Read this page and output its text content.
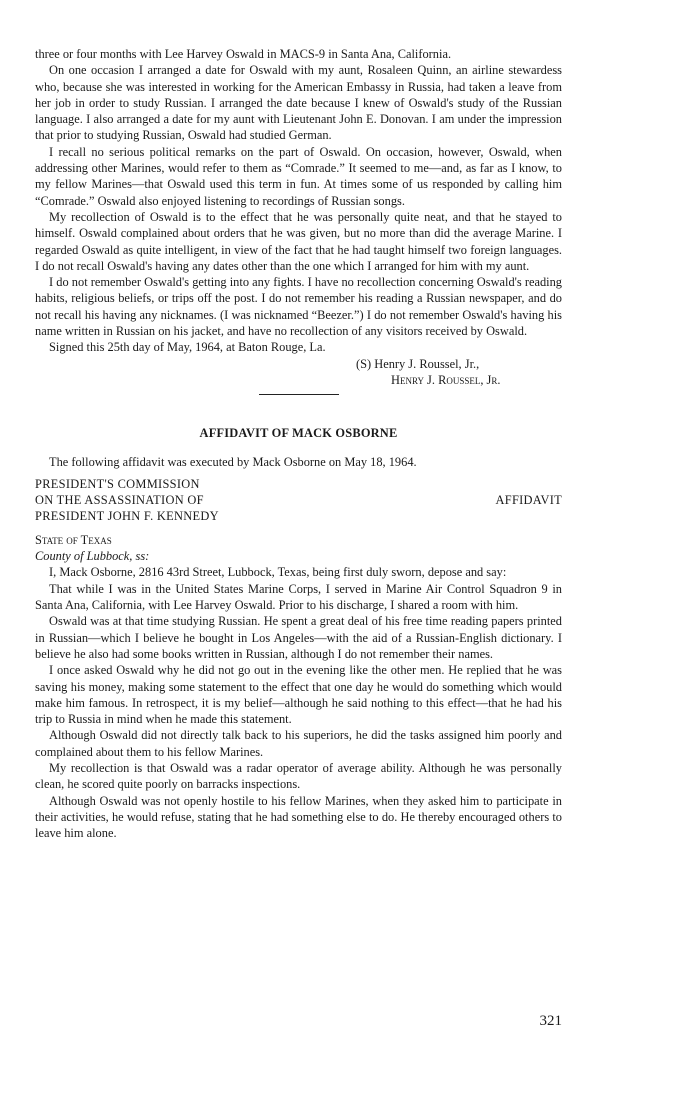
three or four months with Lee Harvey Oswald in MACS-9 in Santa Ana, California.

On one occasion I arranged a date for Oswald with my aunt, Rosaleen Quinn, an airline stewardess who, because she was interested in working for the American Embassy in Russia, had taken a leave from her job in order to study Russian. I arranged the date because I knew of Oswald's study of the Russian language. I also arranged a date for my aunt with Lieutenant John E. Donovan. I am under the impression that prior to studying Russian, Oswald had studied German.

I recall no serious political remarks on the part of Oswald. On occasion, however, Oswald, when addressing other Marines, would refer to them as “Comrade.” It seemed to me—and, as far as I know, to my fellow Marines—that Oswald used this term in fun. At times some of us responded by calling him “Comrade.” Oswald also enjoyed listening to recordings of Russian songs.

My recollection of Oswald is to the effect that he was personally quite neat, and that he stayed to himself. Oswald complained about orders that he was given, but no more than did the average Marine. I regarded Oswald as quite intelligent, in view of the fact that he had taught himself two foreign languages. I do not recall Oswald's having any dates other than the one which I arranged for him with my aunt.

I do not remember Oswald's getting into any fights. I have no recollection concerning Oswald's reading habits, religious beliefs, or trips off the post. I do not remember his reading a Russian newspaper, and do not recall his having any nicknames. (I was nicknamed “Beezer.”) I do not remember Oswald's having his name written in Russian on his jacket, and have no recollection of any visitors received by Oswald.

Signed this 25th day of May, 1964, at Baton Rouge, La.

(S) Henry J. Roussel, Jr.,
Henry J. Roussel, Jr.
AFFIDAVIT OF MACK OSBORNE

The following affidavit was executed by Mack Osborne on May 18, 1964.

PRESIDENT'S COMMISSION
ON THE ASSASSINATION OF
PRESIDENT JOHN F. KENNEDY
AFFIDAVIT
State of Texas
County of Lubbock, ss:

I, Mack Osborne, 2816 43rd Street, Lubbock, Texas, being first duly sworn, depose and say:

That while I was in the United States Marine Corps, I served in Marine Air Control Squadron 9 in Santa Ana, California, with Lee Harvey Oswald. Prior to his discharge, I shared a room with him.

Oswald was at that time studying Russian. He spent a great deal of his free time reading papers printed in Russian—which I believe he bought in Los Angeles—with the aid of a Russian-English dictionary. I believe he also had some books written in Russian, although I do not remember their names.

I once asked Oswald why he did not go out in the evening like the other men. He replied that he was saving his money, making some statement to the effect that one day he would do something which would make him famous. In retrospect, it is my belief—although he said nothing to this effect—that he had his trip to Russia in mind when he made this statement.

Although Oswald did not directly talk back to his superiors, he did the tasks assigned him poorly and complained about them to his fellow Marines.

My recollection is that Oswald was a radar operator of average ability. Although he was personally clean, he scored quite poorly on barracks inspections.

Although Oswald was not openly hostile to his fellow Marines, when they asked him to participate in their activities, he would refuse, stating that he had something else to do. He thereby encouraged others to leave him alone.

321
